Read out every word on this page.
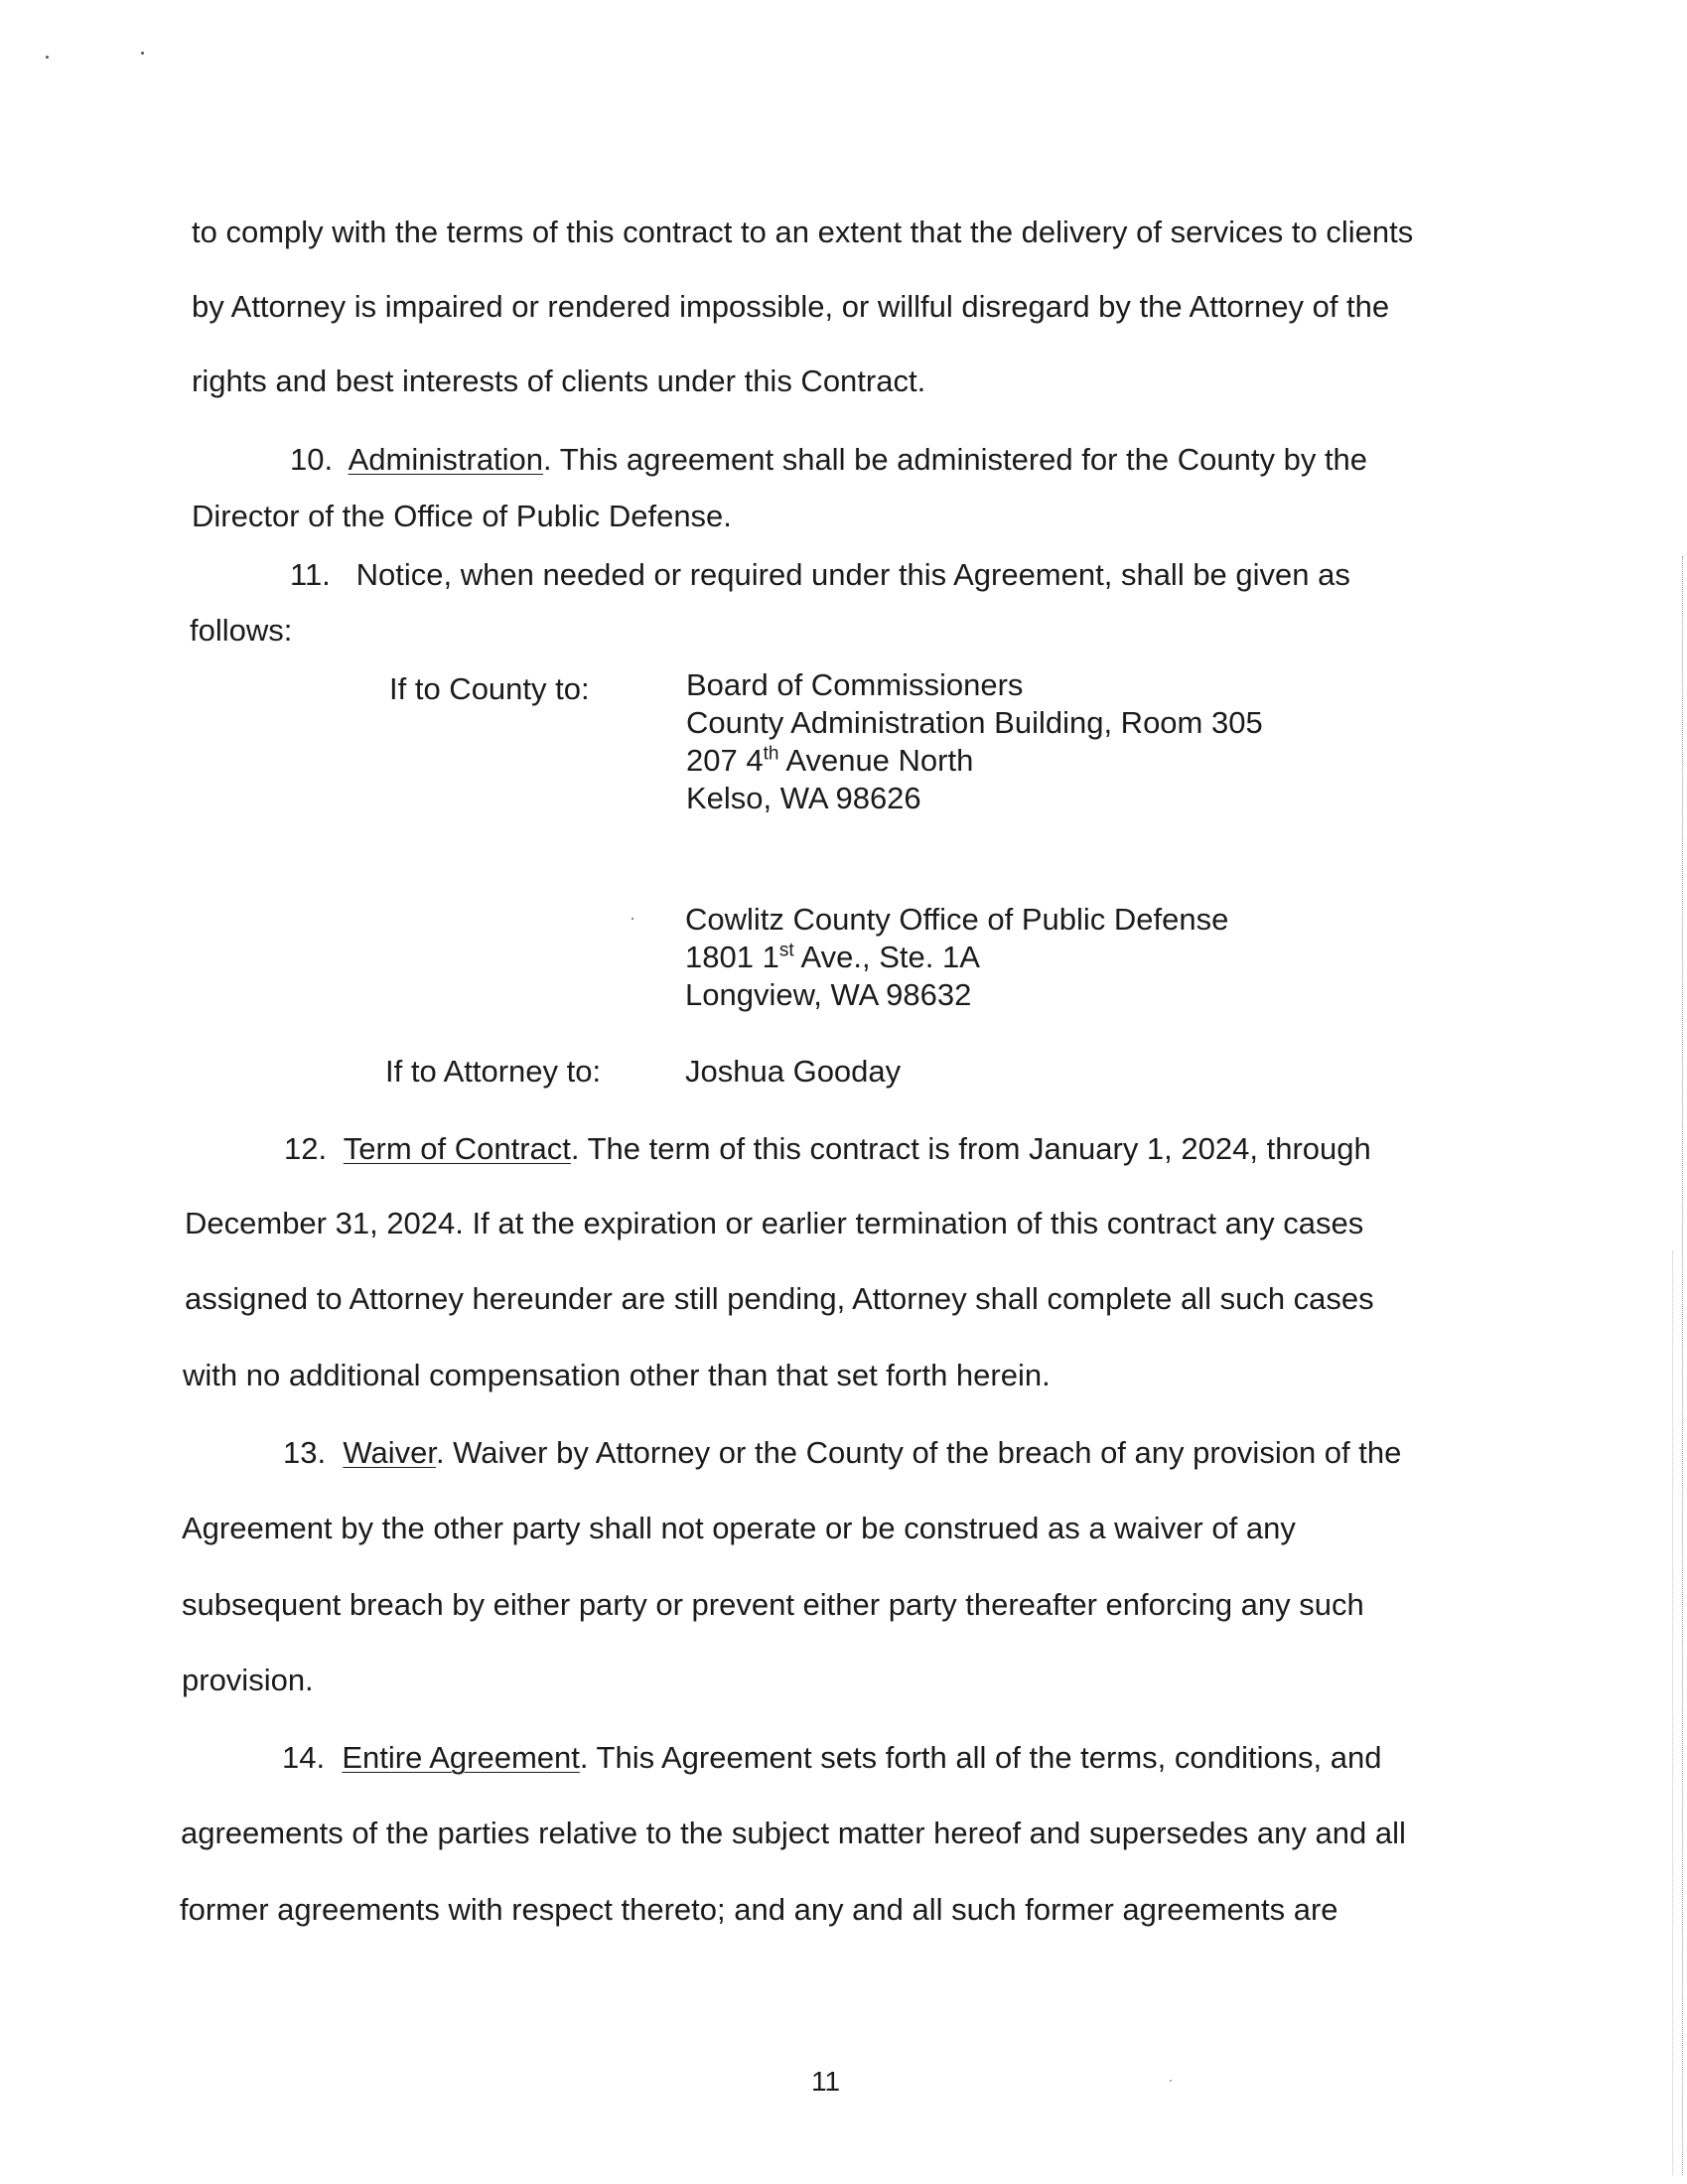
to comply with the terms of this contract to an extent that the delivery of services to clients
by Attorney is impaired or rendered impossible, or willful disregard by the Attorney of the
rights and best interests of clients under this Contract.
10. Administration. This agreement shall be administered for the County by the
Director of the Office of Public Defense.
11. Notice, when needed or required under this Agreement, shall be given as
follows:
If to County to:	Board of Commissioners
County Administration Building, Room 305
207 4th Avenue North
Kelso, WA 98626
Cowlitz County Office of Public Defense
1801 1st Ave., Ste. 1A
Longview, WA 98632
If to Attorney to:	Joshua Gooday
12. Term of Contract. The term of this contract is from January 1, 2024, through
December 31, 2024. If at the expiration or earlier termination of this contract any cases
assigned to Attorney hereunder are still pending, Attorney shall complete all such cases
with no additional compensation other than that set forth herein.
13. Waiver. Waiver by Attorney or the County of the breach of any provision of the
Agreement by the other party shall not operate or be construed as a waiver of any
subsequent breach by either party or prevent either party thereafter enforcing any such
provision.
14. Entire Agreement. This Agreement sets forth all of the terms, conditions, and
agreements of the parties relative to the subject matter hereof and supersedes any and all
former agreements with respect thereto; and any and all such former agreements are
11
